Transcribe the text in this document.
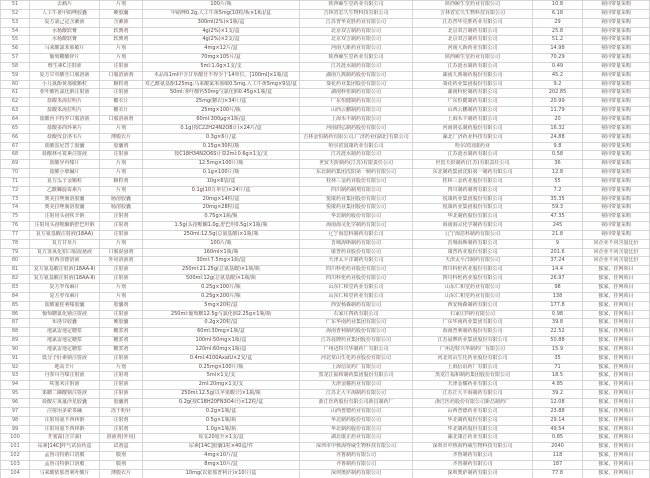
51	去痛片	片剂	100片/瓶	陕西颐生堂药业有限公司	陕西颐生堂药业有限公司	10.8	视同带量采购
52	人工牛黄甲硝唑胶囊	硬胶囊	甲硝唑0.2g,人工牛黄5mg(10粒/板×1板)/盒	吉林省宏久生物科技有限公司	吉林省宏久生物科技有限公司	6.18	视同带量采购
53	复方氯己定含漱液	含漱液	300ml(2%)×1瓶/盒	江苏普华克胜药业有限公司	江苏普华克胜药业有限公司	29	视同带量采购
54	水杨酸软膏	软膏剂	4g(2%)×1支/盒	北京双吉制药有限公司	北京双吉制药有限公司	25.8	视同带量采购
55	水杨酸软膏	软膏剂	4g(2%)×2支/盒	北京双吉制药有限公司	北京双吉制药有限公司	51.2	视同带量采购
56	马来酸氯苯那敏片	片剂	4mg×12片/盒	河南大新药业有限公司	河南大新药业有限公司	14.98	视同带量采购
57	葡萄糖酸锌片	片剂	70mg×105片/盒	陕西颐生堂药业有限公司	陕西颐生堂药业有限公司	70.29	视同带量采购
58	维生素C注射液	注射液	5ml:1.0g×1支/支	江苏涟水制药有限公司	江苏涟水制药有限公司	0.49	视同带量采购
59	复方甘草酸苷口服溶液	口服溶液剂	本品每1ml中含甘草酸苷不得少于14单位。[100ml]×1瓶/盒	湖南九典制药股份有限公司	湖南九典制药股份有限公司	45.2	视同带量采购
60	小儿氨酚黄那敏颗粒	颗粒剂	对乙酰氨基酚125mg,马来酸氯苯那敏0.5mg,人工牛黄5mg×9袋/盒	葵花药业集团股份有限公司	葵花药业集团股份有限公司	9.2	视同带量采购
61	亚叶酸钙氯化钠注射液	注射液	50ml:亚叶酸钙50mg与氯化钠0.45g×1瓶/盒	湖南科伦制药有限公司	湖南科伦制药有限公司	202.85	视同带量采购
62	盐酸苯海拉明片	糖衣片	25mg(糖衣)×34片/盒	广东恒健制药有限公司	广东恒健制药有限公司	20.99	视同带量采购
63	盐酸苯海拉明片	糖衣片	25mg×100片/瓶	山西云鹏制药有限公司	山西云鹏制药有限公司	11.79	视同带量采购
64	盐酸丙卡特罗口服溶液	口服溶液剂	60ml:300μg×1瓶/盒	上海禾丰制药有限公司	上海禾丰制药有限公司	20	视同带量采购
65	盐酸多西环素片	片剂	0.1g(按C22H24N2O8计)×24片/盒	河南润弘制药股份有限公司	河南润弘制药股份有限公司	16.32	视同带量采购
66	盐酸伐昔洛韦片	薄膜衣片	0.3g×6片/盒	吉林金恒制药有限公司,广济药业(湖北)有限公司	湖北广济药业科技有限公司	24.88	视同带量采购
67	盐酸雷尼替丁胶囊	胶囊剂	0.15g×30粒/瓶	哈尔滨国康药业有限公司	哈尔滨国康药业	9.8	视同带量采购
68	盐酸林可霉素注射液	注射液	按C18H34N2O6S计算2ml:0.6g×1支/支	江苏涟水制药有限公司	江苏涟水制药有限公司	0.58	视同带量采购
69	盐酸异丙嗪片	片剂	12.5mg×100片/瓶	世贸天阶制药(江苏)有限责任公司	世贸天阶制药(江苏)有限责任公司	36	视同带量采购
70	盐酸小檗碱片	片剂	0.1g×100片/瓶	东北制药集团沈阳第一制药有限公司	东北制药集团沈阳第一制药有限公司	12.8	视同带量采购
71	复方瓜子金颗粒	颗粒剂	10g×6袋/盒	桂林三金药业股份有限公司	桂林三金药业股份有限公司	55	视同带量采购
72	乙酰螺旋霉素片	片剂	0.1g(10万单位)×24片/盒	四川制药制剂有限公司	四川制药制剂有限公司	7.2	视同带量采购
73	奥美拉唑肠溶胶囊	肠溶胶囊	20mg×14粒/盒	悦康药业集团股份有限公司	悦康药业集团股份有限公司	35.35	视同带量采购
74	奥美拉唑肠溶胶囊	肠溶胶囊	20mg×28粒/盒	悦康药业集团股份有限公司	悦康药业集团股份有限公司	59.3	视同带量采购
75	注射用头孢呋辛钠	注射剂	0.75g×1瓶/瓶	华北制药股份有限公司	华北制药股份有限公司	47.35	视同带量采购
76	注射用头孢哌酮钠舒巴坦钠	注射剂	1.5g(头孢哌酮1.0g,舒巴坦0.5g)×1瓶/瓶	海南海灵化学制药有限公司	海南海灵化学制药有限公司	245	视同带量采购
77	复方氨基酸注射液(18AA)	注射液	250ml:12.5g(总氨基酸)×1瓶/瓶	辽宁海思科制药有限公司	辽宁海思科制药有限公司	21.8	视同带量采购
78	复方甘草片	片剂	100片/瓶	晋城海斯制药有限公司	晋城海斯制药有限公司	9	同企业不同含量比价
79	复方氢氧化铝口服混悬液	口服混悬剂	160ml×1瓶/瓶	康普药业股份有限公司	康普药业股份有限公司	201.6	同企业不同含量比价
80	哈西奈德溶液	外用溶液剂	30ml:7.5mg×1瓶/盒	天津太平洋制药有限公司	天津太平洋制药有限公司	37.24	同企业不同含量比价
81	复方氨基酸注射液(18AA-Ⅱ)	注射液	250ml:21.25g(总氨基酸)×1瓶/瓶	四川科伦药业股份有限公司	四川科伦药业股份有限公司	14.4	独家，挂网项目
82	复方氨基酸注射液(18AA-Ⅱ)	注射液	500ml:12g(总氨基酸)×1瓶/瓶	四川科伦药业股份有限公司	四川科伦药业股份有限公司	26.97	独家，挂网项目
83	复方罗布麻片	片剂	0.25g×100片/瓶	山东仁和堂药业有限公司	山东仁和堂药业有限公司	98	独家，挂网项目
84	复方罗布麻片	片剂	0.25g×200片/瓶	山东仁和堂药业有限公司	山东仁和堂药业有限公司	138	独家，挂网项目
85	盐酸氟桂利嗪胶囊	胶囊剂	5mg×20粒/盒	西安杨森制药有限公司	西安杨森制药有限公司	177.8	独家，挂网项目
86	葡萄糖氯化钠注射液	注射液	250ml:葡萄糖12.5g与氯化钠2.25g×1瓶/瓶	石家庄四药有限公司	石家庄四药有限公司	0.98	独家，挂网项目
87	布洛芬胶囊	硬胶囊	0.2g×20粒/盒	广东华南药业集团有限公司	广东华南药业集团有限公司	39.8	独家，挂网项目
88	地氯雷他定糖浆	糖浆剂	60ml:30mg×1瓶/盒	海南普利制药股份有限公司	海南普利制药股份有限公司	22.52	独家，挂网项目
89	地氯雷他定糖浆	糖浆剂	100ml:50mg×1瓶/盒	江苏晨牌药业集团股份有限公司	江苏晨牌药业集团股份有限公司	50.88	独家，挂网项目
90	地氯雷他定糖浆	糖浆剂	120ml:60mg×1瓶/盒	广州迈特兴华制药厂有限公司	广州迈特兴华制药厂有限公司	15.9	独家，挂网项目
91	低分子肝素钠注射液	注射液	0.4ml:4100AxaIU×2支/盒	河北常山生化药业股份有限公司	河北常山生化药业股份有限公司	35	独家，挂网项目
92	地高辛片	片剂	0.25mg×100片/瓶	上海信谊药厂有限公司	上海信谊药厂有限公司	71	独家，挂网项目
93	丹参川芎嗪注射液	注射剂	5ml×1支/支	黑龙江福和制药集团股份有限公司	黑龙江福和制药集团股份有限公司	18.5	独家，挂网项目
94	呋塞米注射液	注射液	2ml:20mg×1支/支	天津金耀药业有限公司	天津金耀药业有限公司	4.85	独家，挂网项目
95	果糖二磷酸钠注射液	注射液	250ml:12.5g(以苹果酸计)×1瓶/瓶	江苏正大丰海制药有限公司	江苏正大丰海制药有限公司	39.2	独家，挂网项目
96	盐酸左氧氟沙星胶囊	胶囊剂	0.2g(按C18H20FN3O4计)×12粒/盒	浙江医药股份有限公司新昌制药厂	浙江医药股份有限公司新昌制药厂	12.08	独家，挂网项目
97	注射用多索茶碱	冻干粉针	0.2g×1瓶/盒	山西普德药业有限公司	山西普德药业有限公司	23.88	独家，挂网项目
98	注射用氨苄西林钠	注射剂	0.5g×1瓶/瓶	华北制药股份有限公司	华北制药股份有限公司	29.14	独家，挂网项目
99	注射用氨苄西林钠	注射剂	1.0g×1瓶/瓶	华北制药股份有限公司	华北制药股份有限公司	49.54	独家，挂网项目
100	开塞露(含甘油)	溶液剂(外用)	每支20毫升×1支/盒	湖北康正药业有限公司	湖北康正药业有限公司	0.85	独家，挂网项目
101	尿素[14C]呼气试验药盒	试剂盒	尿素[14C]胶囊1粒×40盒/件	深圳市中核海得威生物科技有限公司	深圳市中核海得威生物科技有限公司	2040	独家，挂网项目
102	孟鲁司特钠口溶膜	膜剂	4mg×10片/盒	齐鲁制药有限公司	齐鲁制药有限公司	118	独家，挂网项目
103	孟鲁司特钠口溶膜	膜剂	8mg×10片/盒	齐鲁制药有限公司	齐鲁制药有限公司	187	独家，挂网项目
104	马来酸依那普利叶酸片	薄膜衣片	10mg(以依那普利计)×10片/盒	深圳奥萨制药有限公司	深圳奥萨制药有限公司	77.8	独家，挂网项目
